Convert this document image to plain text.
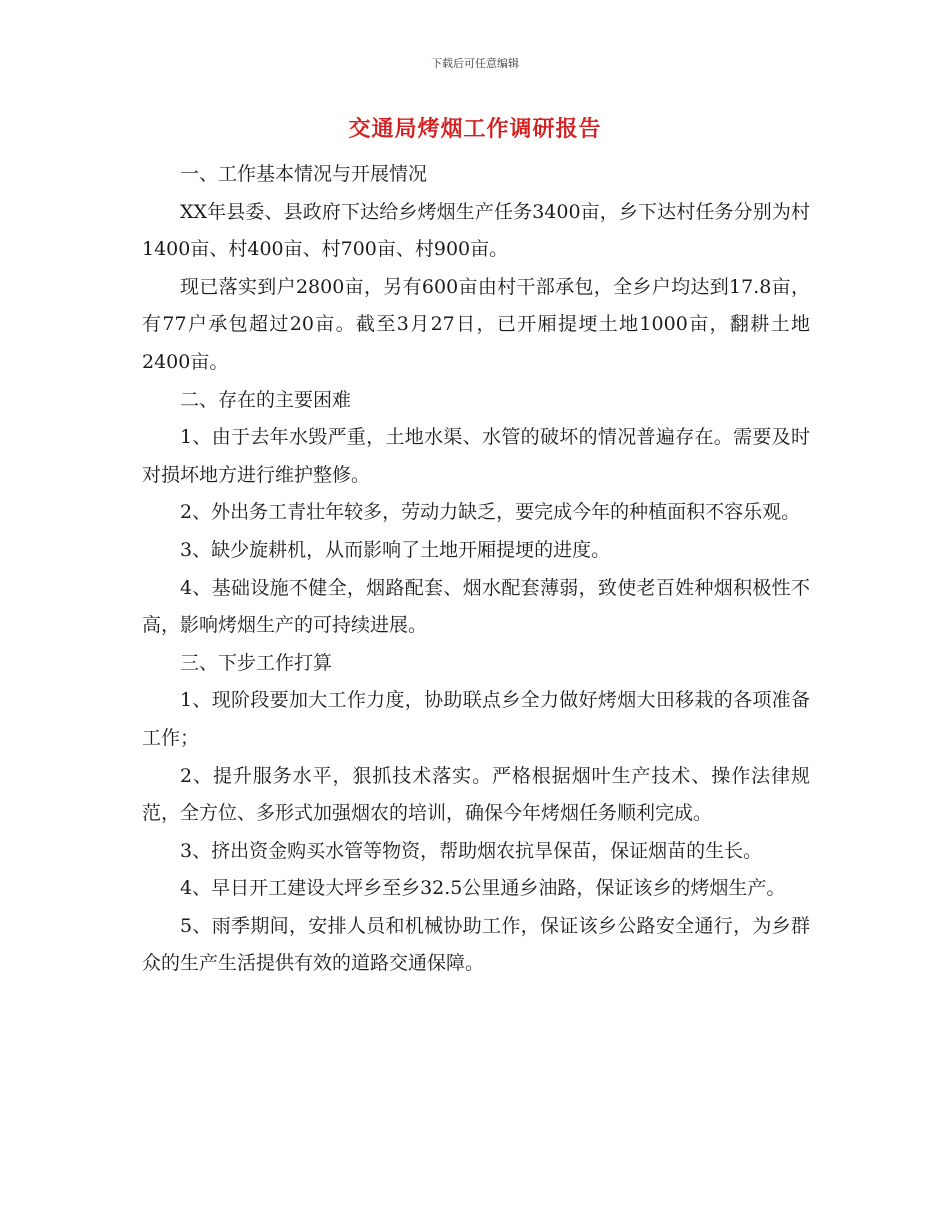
下载后可任意编辑
交通局烤烟工作调研报告

一、工作基本情况与开展情况

XX年县委、县政府下达给乡烤烟生产任务3400亩，乡下达村任务分别为村1400亩、村400亩、村700亩、村900亩。

现已落实到户2800亩，另有600亩由村干部承包，全乡户均达到17.8亩，有77户承包超过20亩。截至3月27日，已开厢提埂土地1000亩，翻耕土地2400亩。

二、存在的主要困难

1、由于去年水毁严重，土地水渠、水管的破坏的情况普遍存在。需要及时对损坏地方进行维护整修。

2、外出务工青壮年较多，劳动力缺乏，要完成今年的种植面积不容乐观。

3、缺少旋耕机，从而影响了土地开厢提埂的进度。

4、基础设施不健全，烟路配套、烟水配套薄弱，致使老百姓种烟积极性不高，影响烤烟生产的可持续进展。

三、下步工作打算

1、现阶段要加大工作力度，协助联点乡全力做好烤烟大田移栽的各项准备工作；

2、提升服务水平，狠抓技术落实。严格根据烟叶生产技术、操作法律规范，全方位、多形式加强烟农的培训，确保今年烤烟任务顺利完成。

3、挤出资金购买水管等物资，帮助烟农抗旱保苗，保证烟苗的生长。

4、早日开工建设大坪乡至乡32.5公里通乡油路，保证该乡的烤烟生产。

5、雨季期间，安排人员和机械协助工作，保证该乡公路安全通行，为乡群众的生产生活提供有效的道路交通保障。
